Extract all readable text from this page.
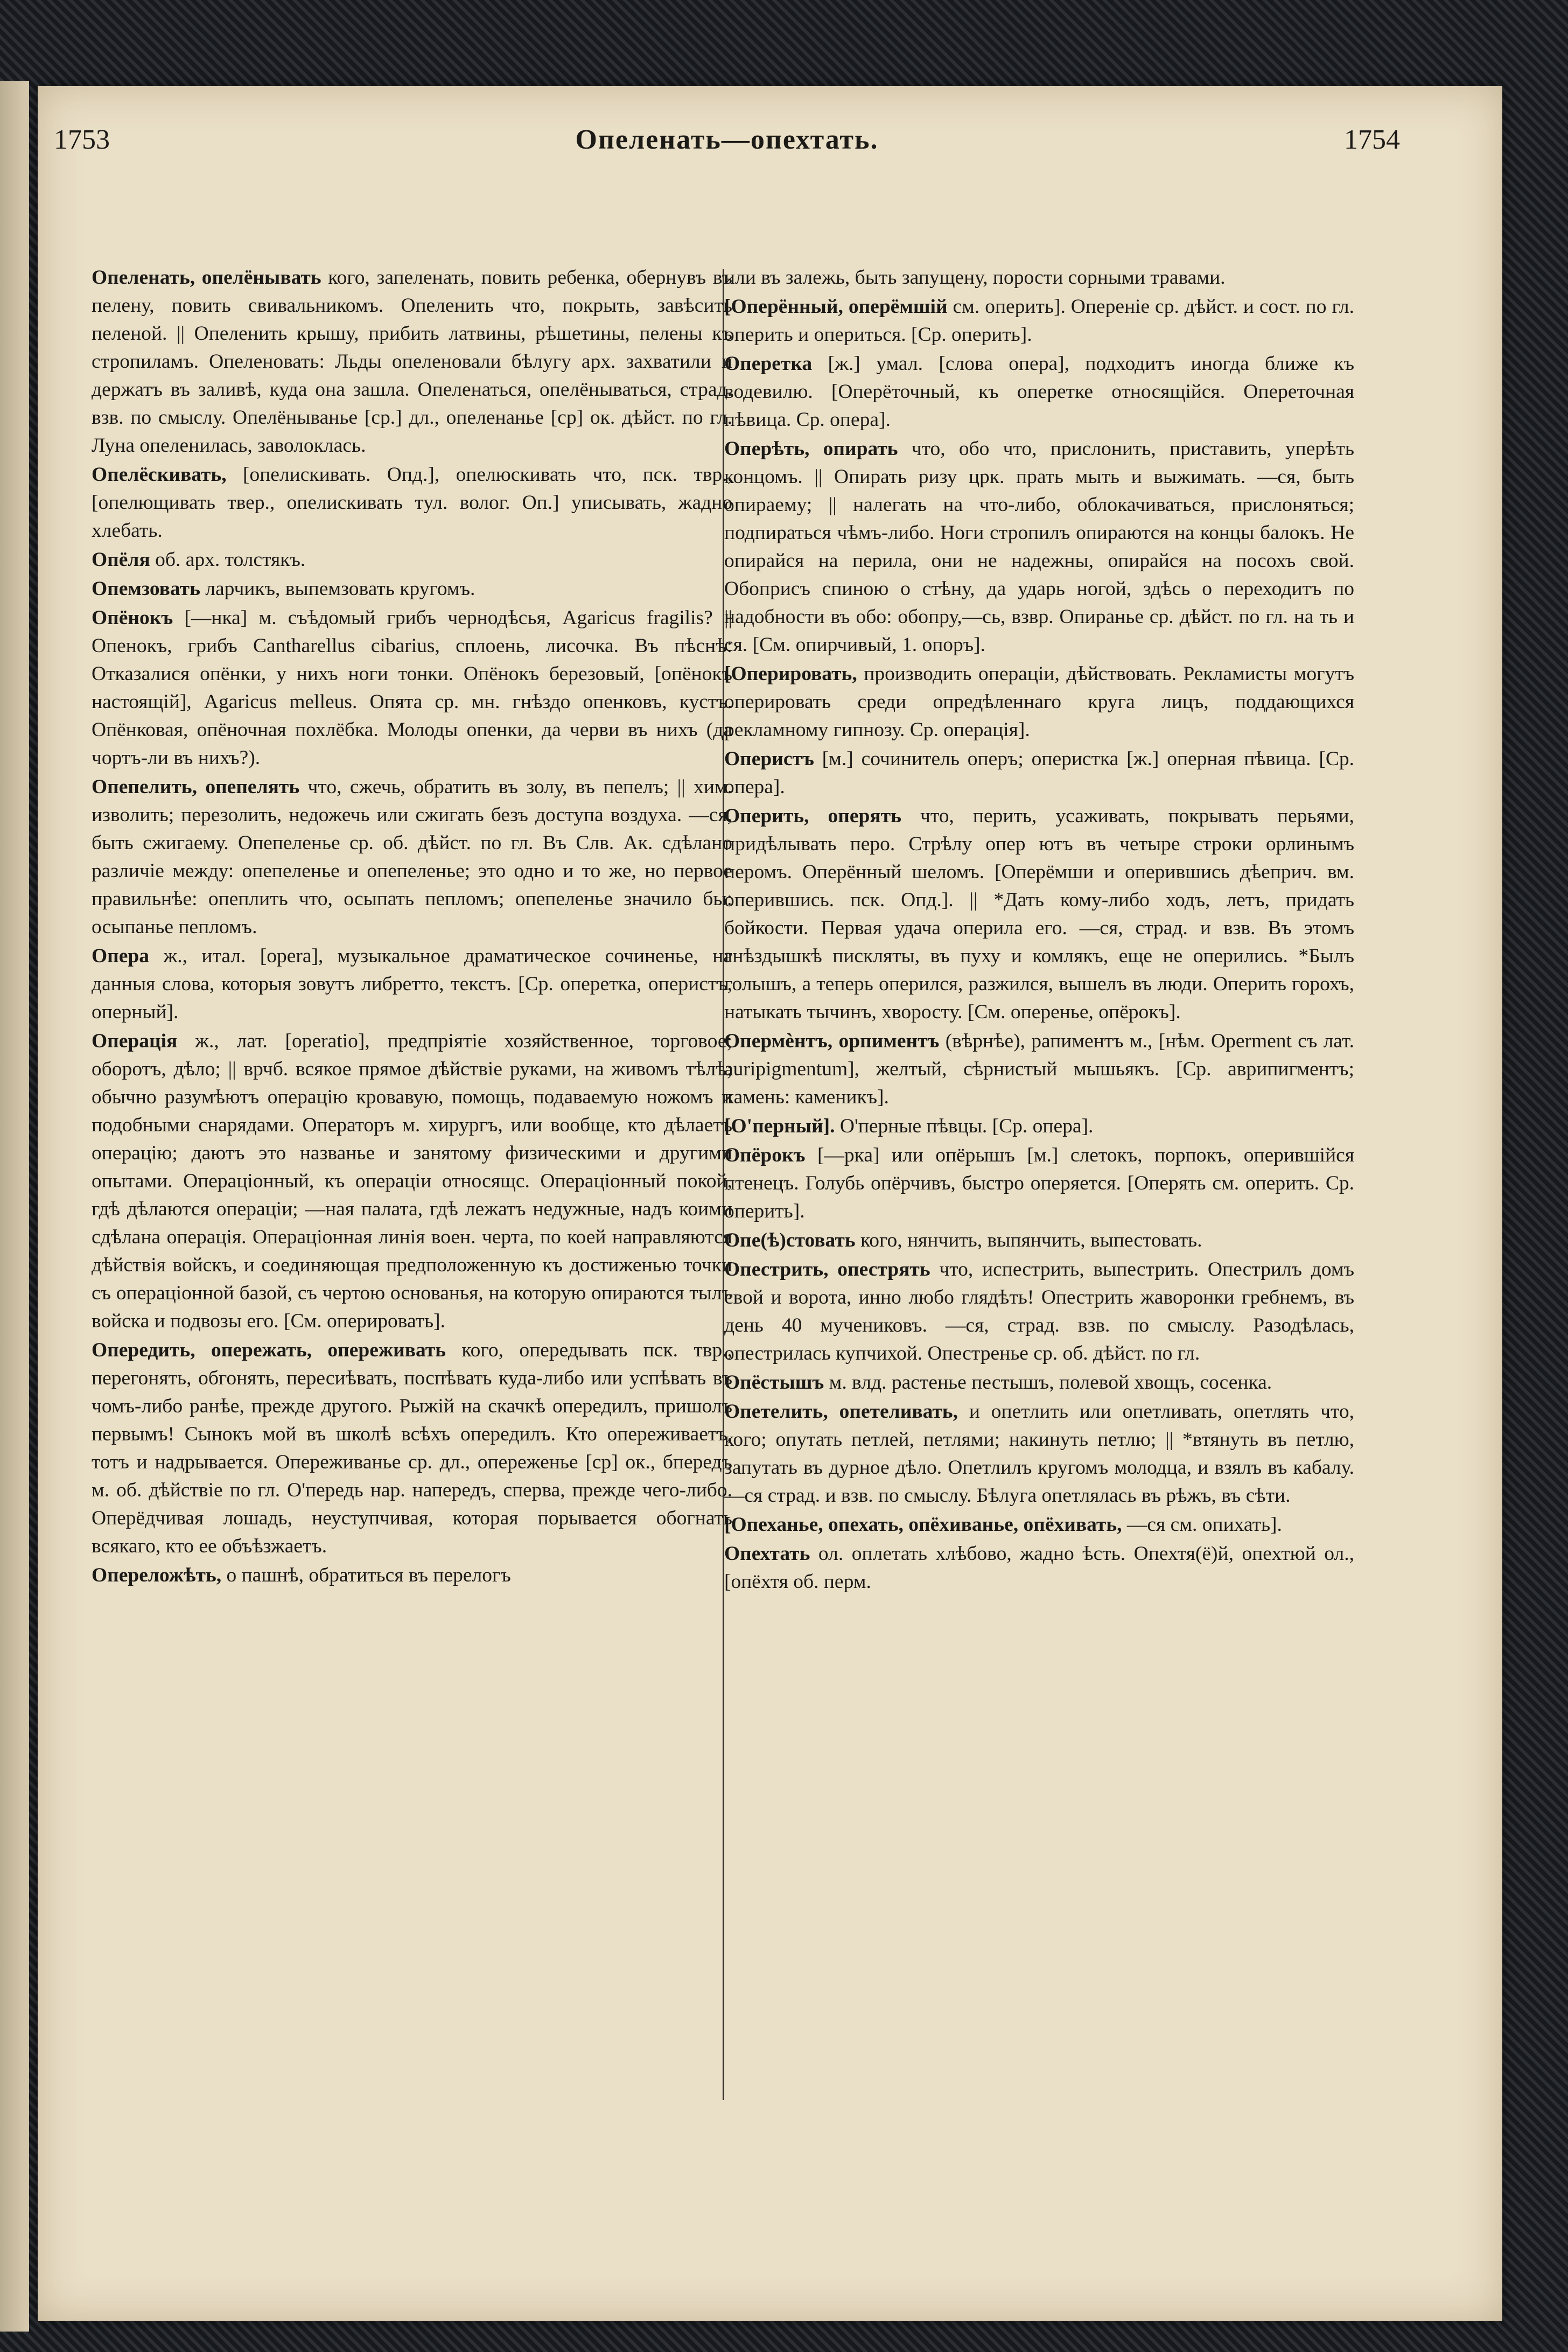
1753	Опеленать—опехтать.	1754

Опеленать, опелёнывать кого, запеленать, повить ребенка, обернувъ въ пелену, повить свивальникомъ. Опеленить что, покрыть, завѣсить пеленой. || Опеленить крышу, прибить латвины, рѣшетины, пелены къ стропиламъ. Опеленовать: Льды опеленовали бѣлугу арх. захватили и держатъ въ заливѣ, куда она зашла. Опеленаться, опелёнываться, страд. взв. по смыслу. Опелёныванье [ср.] дл., опеленанье [ср] ок. дѣйст. по гл. Луна опеленилась, заволоклась.

Опелёскивать, [опелискивать. Опд.], опелюскивать что, пск. твр., [опелющивать твер., опелискивать тул. волог. Оп.] уписывать, жадно хлебать.

Опёля об. арх. толстякъ.

Опемзовать ларчикъ, выпемзовать кругомъ.

Опёнокъ [—нка] м. съѣдомый грибъ чернодѣсья, Agaricus fragilis? || Опенокъ, грибъ Cantharellus cibarius, сплоень, лисочка. Въ пѣснѣ: Отказалися опёнки, у нихъ ноги тонки. Опёнокъ березовый, [опёнокъ настоящій], Agaricus melleus. Опята ср. мн. гнѣздо опенковъ, кустъ. Опёнковая, опёночная похлёбка. Молоды опенки, да черви въ нихъ (да чортъ-ли въ нихъ?).

Опепелить, опепелять что, сжечь, обратить въ золу, въ пепелъ; || хим. изволить; перезолить, недожечь или сжигать безъ доступа воздуха. —ся, быть сжигаему. Опепеленье ср. об. дѣйст. по гл. Въ Слв. Ак. сдѣлано различіе между: опепеленье и опепеленье; это одно и то же, но первое правильнѣе: опеплить что, осыпать пепломъ; опепеленье значило бы: осыпанье пепломъ.

Опера ж., итал. [opera], музыкальное драматическое сочиненье, на данныя слова, которыя зовутъ либретто, текстъ. [Ср. оперетка, оперистъ, оперный].

Операція ж., лат. [operatio], предпріятіе хозяйственное, торговое; оборотъ, дѣло; || врчб. всякое прямое дѣйствіе руками, на живомъ тѣлѣ; обычно разумѣютъ операцію кровавую, помощь, подаваемую ножомъ и подобными снарядами. Операторъ м. хирургъ, или вообще, кто дѣлаетъ операцію; даютъ это названье и занятому физическими и другими опытами. Операціонный, къ операціи относящс. Операціонный покой, гдѣ дѣлаются операціи; —ная палата, гдѣ лежатъ недужные, надъ коими сдѣлана операція. Операціонная линія воен. черта, по коей направляются дѣйствія войскъ, и соединяющая предположенную къ достиженью точки съ операціонной базой, съ чертою основанья, на которую опираются тылъ войска и подвозы его. [См. оперировать].

Опередить, опережать, опереживать кого, опередывать пск. твр., перегонять, обгонять, пересиѣвать, поспѣвать куда-либо или успѣвать въ чомъ-либо ранѣе, прежде другого. Рыжій на скачкѣ опередилъ, пришолъ первымъ! Сынокъ мой въ школѣ всѣхъ опередилъ. Кто опереживаетъ, тотъ и надрывается. Опереживанье ср. дл., опереженье [ср] ок., бпередъ м. об. дѣйствіе по гл. О'передь нар. напередъ, сперва, прежде чего-либо. Оперёдчивая лошадь, неуступчивая, которая порывается обогнать всякаго, кто ее объѣзжаетъ.

Опереложѣть, о пашнѣ, обратиться въ перелогъ

или въ залежь, быть запущену, порости сорными травами.

[Оперённый, оперёмшій см. оперить]. Опереніе ср. дѣйст. и сост. по гл. оперить и опериться. [Ср. оперить].

Оперетка [ж.] умал. [слова опера], подходитъ иногда ближе къ водевилю. [Оперёточный, къ оперетке относящійся. Опереточная пѣвица. Ср. опера].

Оперѣть, опирать что, обо что, прислонить, приставить, уперѣть концомъ. || Опирать ризу црк. прать мыть и выжимать. —ся, быть опираему; || налегать на что-либо, облокачиваться, прислоняться; подпираться чѣмъ-либо. Ноги стропилъ опираются на концы балокъ. Не опирайся на перила, они не надежны, опирайся на посохъ свой. Обоприсъ спиною о стѣну, да ударь ногой, здѣсь о переходитъ по надобности въ обо: обопру,—сь, взвр. Опиранье ср. дѣйст. по гл. на ть и ся. [См. опирчивый, 1. опоръ].

[Оперировать, производить операціи, дѣйствовать. Рекламисты могутъ оперировать среди опредѣленнаго круга лицъ, поддающихся рекламному гипнозу. Ср. операція].

Оперистъ [м.] сочинитель оперъ; оперистка [ж.] оперная пѣвица. [Ср. опера].

Оперить, оперять что, перить, усаживать, покрывать перьями, придѣлывать перо. Стрѣлу опер ютъ въ четыре строки орлинымъ перомъ. Оперённый шеломъ. [Оперёмши и оперившись дѣеприч. вм. оперившись. пск. Опд.]. || *Дать кому-либо ходъ, летъ, придать бойкости. Первая удача оперила его. —ся, страд. и взв. Въ этомъ гнѣздышкѣ пискляты, въ пуху и комлякъ, еще не оперились. *Былъ голышъ, а теперь оперился, разжился, вышелъ въ люди. Оперить горохъ, натыкать тычинъ, хворосту. [См. опереньe, опёрокъ].

Опермѐнтъ, орпиментъ (вѣрнѣе), рапиментъ м., [нѣм. Operment съ лат. auripigmentum], желтый, сѣрнистый мышьякъ. [Ср. аврипигментъ; камень: каменикъ].

[О'перный]. О'перные пѣвцы. [Ср. опера].

Опёрокъ [—рка] или опёрышъ [м.] слетокъ, порпокъ, оперившійся птенецъ. Голубь опёрчивъ, быстро оперяется. [Оперять см. оперить. Ср. оперить].

Опе(ѣ)стовать кого, нянчить, выпянчить, выпестовать.

Опестрить, опестрять что, испестрить, выпестрить. Опестрилъ домъ свой и ворота, инно любо глядѣть! Опестрить жаворонки гребнемъ, въ день 40 мучениковъ. —ся, страд. взв. по смыслу. Разодѣлась, опестрилась купчихой. Опестренье ср. об. дѣйст. по гл.

Опёстышъ м. влд. растенье пестышъ, полевой хвощъ, сосенка.

Опетелить, опетеливать, и опетлить или опетливать, опетлять что, кого; опутать петлей, петлями; накинуть петлю; || *втянуть въ петлю, запутать въ дурное дѣло. Опетлилъ кругомъ молодца, и взялъ въ кабалу. —ся страд. и взв. по смыслу. Бѣлуга опетлялась въ рѣжъ, въ сѣти.

[Опеханье, опехать, опёхиванье, опёхивать, —ся см. опихать].

Опехтать ол. оплетать хлѣбово, жадно ѣсть. Опехтя(ё)й, опехтюй ол., [опёхтя об. перм.
